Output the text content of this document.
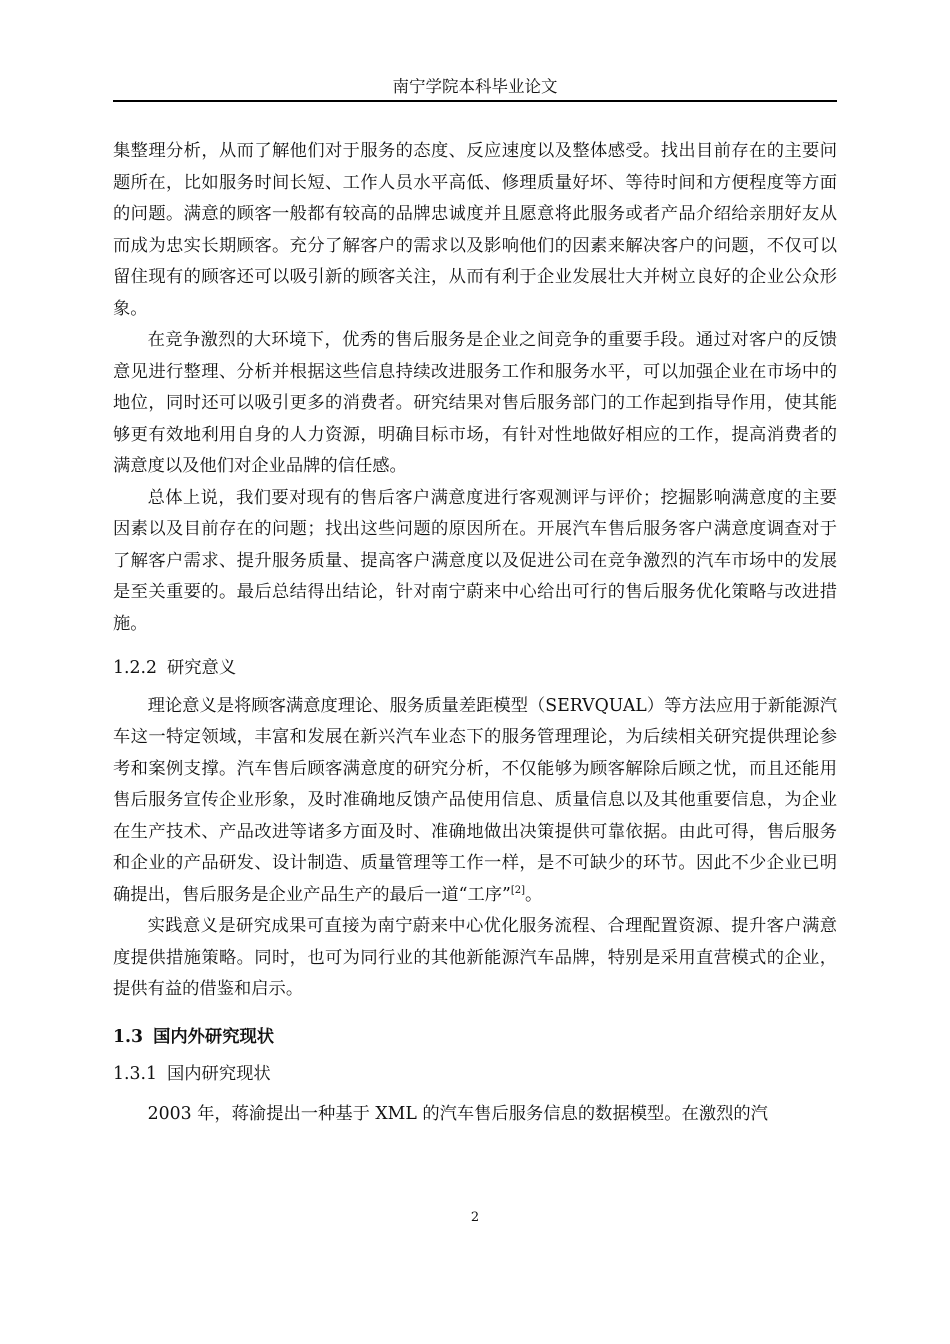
南宁学院本科毕业论文

集整理分析，从而了解他们对于服务的态度、反应速度以及整体感受。找出目前存在的主要问题所在，比如服务时间长短、工作人员水平高低、修理质量好坏、等待时间和方便程度等方面的问题。满意的顾客一般都有较高的品牌忠诚度并且愿意将此服务或者产品介绍给亲朋好友从而成为忠实长期顾客。充分了解客户的需求以及影响他们的因素来解决客户的问题，不仅可以留住现有的顾客还可以吸引新的顾客关注，从而有利于企业发展壮大并树立良好的企业公众形象。

在竞争激烈的大环境下，优秀的售后服务是企业之间竞争的重要手段。通过对客户的反馈意见进行整理、分析并根据这些信息持续改进服务工作和服务水平，可以加强企业在市场中的地位，同时还可以吸引更多的消费者。研究结果对售后服务部门的工作起到指导作用，使其能够更有效地利用自身的人力资源，明确目标市场，有针对性地做好相应的工作，提高消费者的满意度以及他们对企业品牌的信任感。

总体上说，我们要对现有的售后客户满意度进行客观测评与评价；挖掘影响满意度的主要因素以及目前存在的问题；找出这些问题的原因所在。开展汽车售后服务客户满意度调查对于了解客户需求、提升服务质量、提高客户满意度以及促进公司在竞争激烈的汽车市场中的发展是至关重要的。最后总结得出结论，针对南宁蔚来中心给出可行的售后服务优化策略与改进措施。

1.2.2 研究意义

理论意义是将顾客满意度理论、服务质量差距模型（SERVQUAL）等方法应用于新能源汽车这一特定领域，丰富和发展在新兴汽车业态下的服务管理理论，为后续相关研究提供理论参考和案例支撑。汽车售后顾客满意度的研究分析，不仅能够为顾客解除后顾之忧，而且还能用售后服务宣传企业形象，及时准确地反馈产品使用信息、质量信息以及其他重要信息，为企业在生产技术、产品改进等诸多方面及时、准确地做出决策提供可靠依据。由此可得，售后服务和企业的产品研发、设计制造、质量管理等工作一样，是不可缺少的环节。因此不少企业已明确提出，售后服务是企业产品生产的最后一道“工序”[2]。

实践意义是研究成果可直接为南宁蔚来中心优化服务流程、合理配置资源、提升客户满意度提供措施策略。同时，也可为同行业的其他新能源汽车品牌，特别是采用直营模式的企业，提供有益的借鉴和启示。

1.3 国内外研究现状
1.3.1 国内研究现状

2003 年，蒋渝提出一种基于 XML 的汽车售后服务信息的数据模型。在激烈的汽

2
